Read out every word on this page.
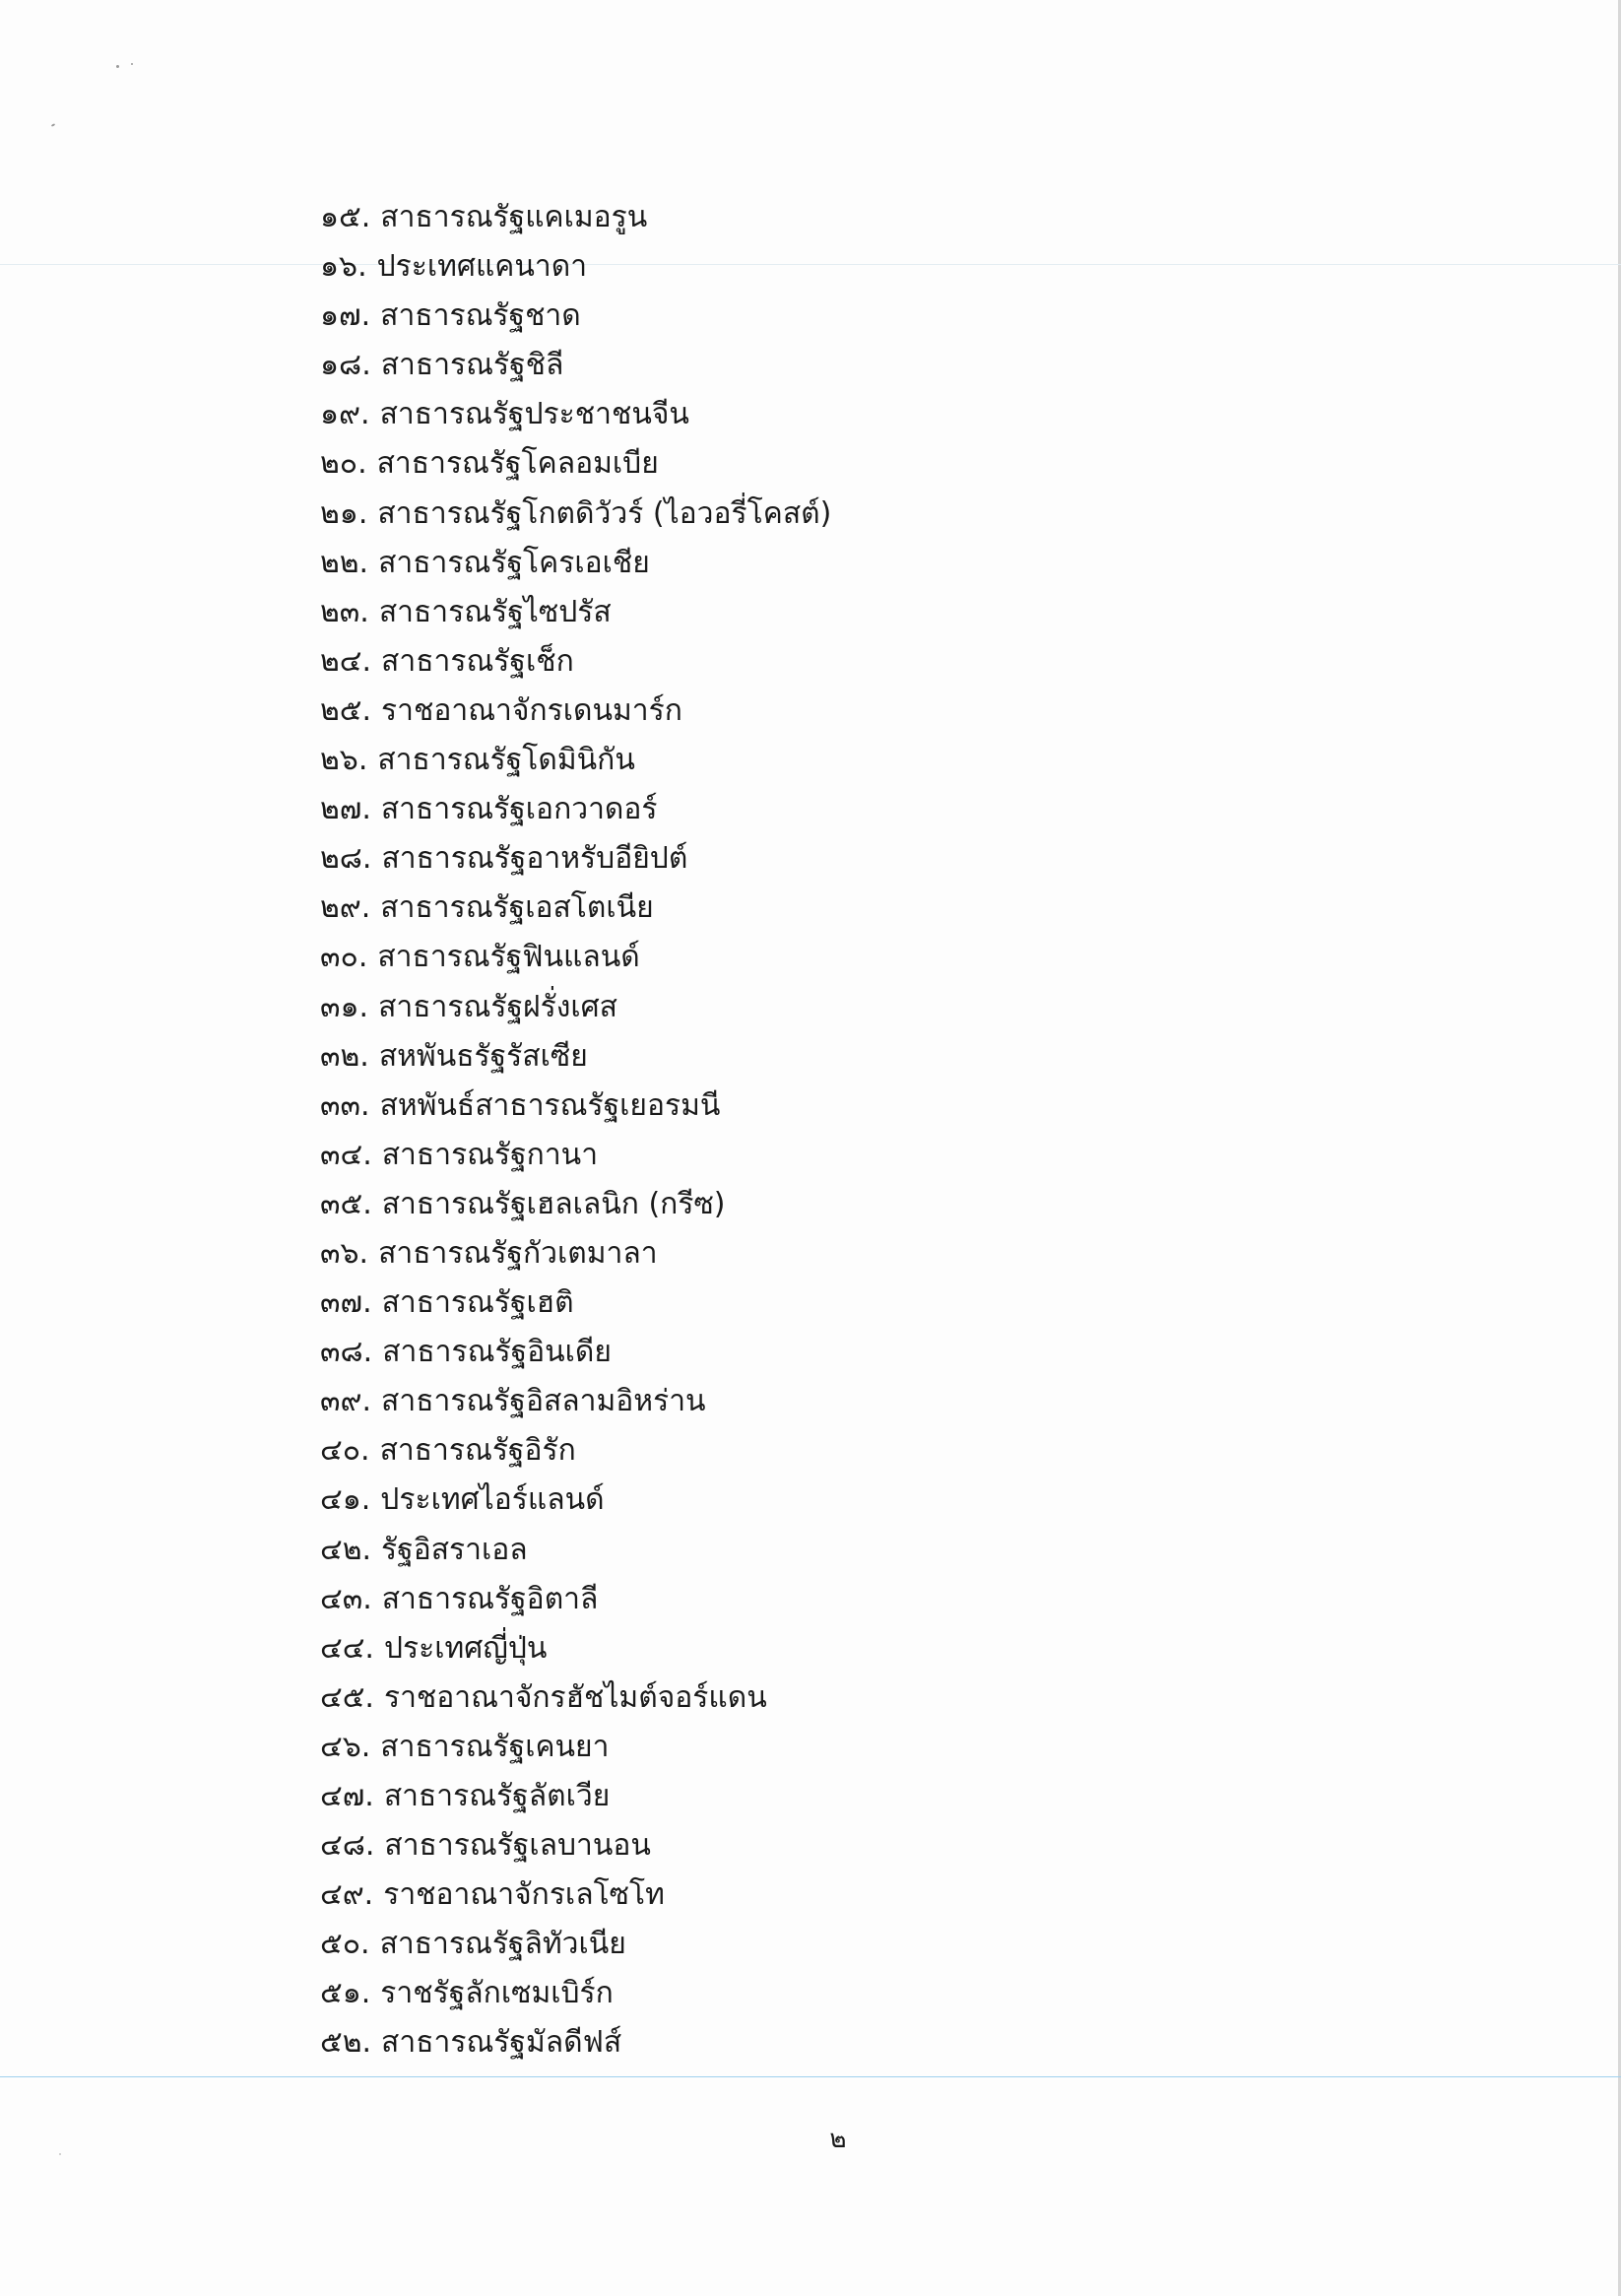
๑๕. สาธารณรัฐแคเมอรูน
๑๖. ประเทศแคนาดา
๑๗. สาธารณรัฐชาด
๑๘. สาธารณรัฐชิลี
๑๙. สาธารณรัฐประชาชนจีน
๒๐. สาธารณรัฐโคลอมเบีย
๒๑. สาธารณรัฐโกตดิวัวร์ (ไอวอรี่โคสต์)
๒๒. สาธารณรัฐโครเอเชีย
๒๓. สาธารณรัฐไซปรัส
๒๔. สาธารณรัฐเช็ก
๒๕. ราชอาณาจักรเดนมาร์ก
๒๖. สาธารณรัฐโดมินิกัน
๒๗. สาธารณรัฐเอกวาดอร์
๒๘. สาธารณรัฐอาหรับอียิปต์
๒๙. สาธารณรัฐเอสโตเนีย
๓๐. สาธารณรัฐฟินแลนด์
๓๑. สาธารณรัฐฝรั่งเศส
๓๒. สหพันธรัฐรัสเซีย
๓๓. สหพันธ์สาธารณรัฐเยอรมนี
๓๔. สาธารณรัฐกานา
๓๕. สาธารณรัฐเฮลเลนิก (กรีซ)
๓๖. สาธารณรัฐกัวเตมาลา
๓๗. สาธารณรัฐเฮติ
๓๘. สาธารณรัฐอินเดีย
๓๙. สาธารณรัฐอิสลามอิหร่าน
๔๐. สาธารณรัฐอิรัก
๔๑. ประเทศไอร์แลนด์
๔๒. รัฐอิสราเอล
๔๓. สาธารณรัฐอิตาลี
๔๔. ประเทศญี่ปุ่น
๔๕. ราชอาณาจักรฮัชไมต์จอร์แดน
๔๖. สาธารณรัฐเคนยา
๔๗. สาธารณรัฐลัตเวีย
๔๘. สาธารณรัฐเลบานอน
๔๙. ราชอาณาจักรเลโซโท
๕๐. สาธารณรัฐลิทัวเนีย
๕๑. ราชรัฐลักเซมเบิร์ก
๕๒. สาธารณรัฐมัลดีฟส์
๒
